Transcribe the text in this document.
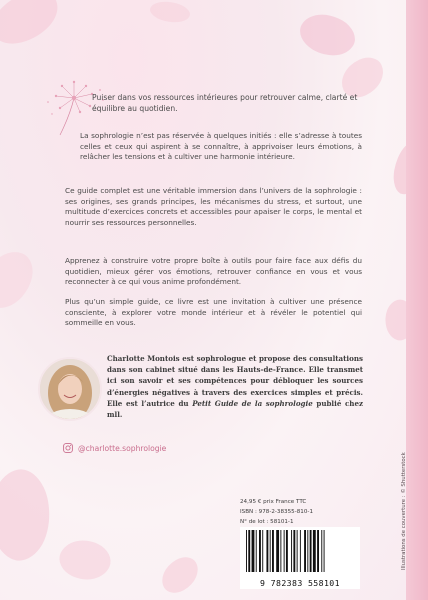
Puiser dans vos ressources intérieures pour retrouver calme, clarté et équilibre au quotidien.
La sophrologie n’est pas réservée à quelques initiés : elle s’adresse à toutes celles et ceux qui aspirent à se connaître, à apprivoiser leurs émotions, à relâcher les tensions et à cultiver une harmonie intérieure.
Ce guide complet est une véritable immersion dans l’univers de la sophrologie : ses origines, ses grands principes, les mécanismes du stress, et surtout, une multitude d’exercices concrets et accessibles pour apaiser le corps, le mental et nourrir ses ressources personnelles.
Apprenez à construire votre propre boîte à outils pour faire face aux défis du quotidien, mieux gérer vos émotions, retrouver confiance en vous et vous reconnecter à ce qui vous anime profondément.
Plus qu’un simple guide, ce livre est une invitation à cultiver une présence consciente, à explorer votre monde intérieur et à révéler le potentiel qui sommeille en vous.
Charlotte Montois est sophrologue et propose des consultations dans son cabinet situé dans les Hauts-de-France. Elle transmet ici son savoir et ses compétences pour débloquer les sources d’énergies négatives à travers des exercices simples et précis. Elle est l’autrice du Petit Guide de la sophrologie publié chez mll.
@charlotte.sophrologie
24,95 € prix France TTC
ISBN : 978-2-38355-810-1
N° de lot : 58101-1
9 782383 558101
Illustrations de couverture : © Shutterstock
